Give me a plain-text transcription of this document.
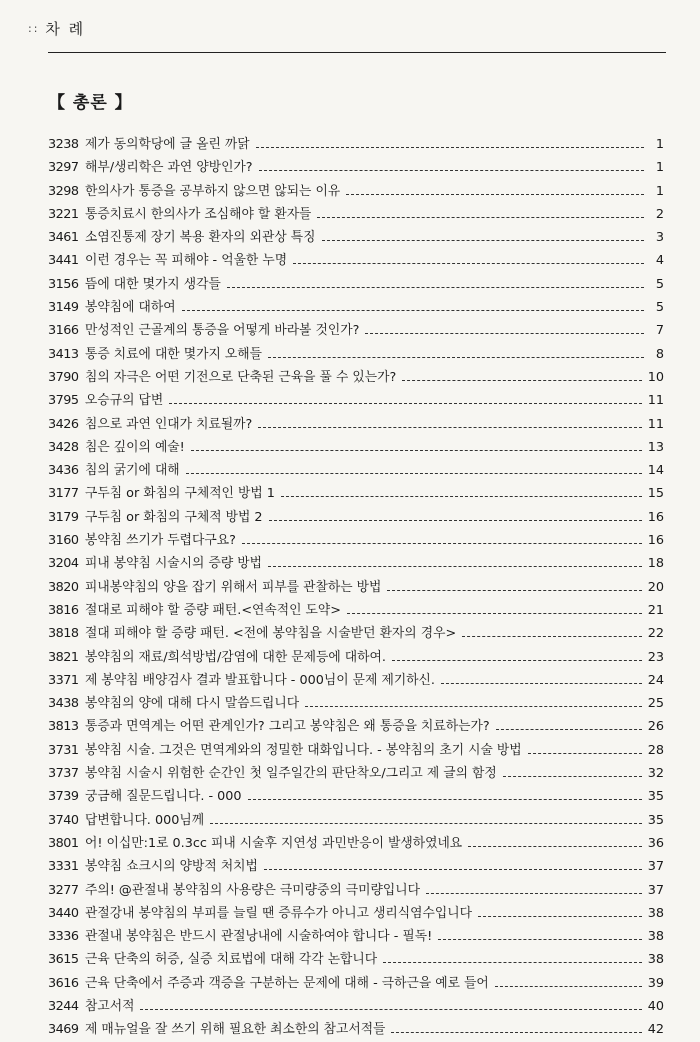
:: 차 례
【 총론 】
3238 제가 동의학당에 글 올린 까닭	1
3297 해부/생리학은 과연 양방인가?	1
3298 한의사가 통증을 공부하지 않으면 않되는 이유	1
3221 통증치료시 한의사가 조심해야 할 환자들	2
3461 소염진통제 장기 복용 환자의 외관상 특징	3
3441 이런 경우는 꼭 피해야 - 억울한 누명	4
3156 뜸에 대한 몇가지 생각들	5
3149 봉약침에 대하여	5
3166 만성적인 근골계의 통증을 어떻게 바라볼 것인가?	7
3413 통증 치료에 대한 몇가지 오해들	8
3790 침의 자극은 어떤 기전으로 단축된 근육을 풀 수 있는가?	10
3795 오승규의 답변	11
3426 침으로 과연 인대가 치료될까?	11
3428 침은 깊이의 예술!	13
3436 침의 굵기에 대해	14
3177 구두침 or 화침의 구체적인 방법 1	15
3179 구두침 or 화침의 구체적 방법 2	16
3160 봉약침 쓰기가 두렵다구요?	16
3204 피내 봉약침 시술시의 증량 방법	18
3820 피내봉약침의 양을 잡기 위해서 피부를 관찰하는 방법	20
3816 절대로 피해야 할 증량 패턴.<연속적인 도약>	21
3818 절대 피해야 할 증량 패턴. <전에 봉약침을 시술받던 환자의 경우>	22
3821 봉약침의 재료/희석방법/감염에 대한 문제등에 대하여.	23
3371 제 봉약침 배양검사 결과 발표합니다 - 000님이 문제 제기하신.	24
3438 봉약침의 양에 대해 다시 말씀드립니다	25
3813 통증과 면역계는 어떤 관계인가? 그리고 봉약침은 왜 통증을 치료하는가?	26
3731 봉약침 시술. 그것은 면역계와의 정밀한 대화입니다. - 봉약침의 초기 시술 방법	28
3737 봉약침 시술시 위험한 순간인 첫 일주일간의 판단착오/그리고 제 글의 함정	32
3739 궁금해 질문드립니다. - 000	35
3740 답변합니다. 000님께	35
3801 어! 이십만:1로 0.3cc 피내 시술후 지연성 과민반응이 발생하였네요	36
3331 봉약침 쇼크시의 양방적 처치법	37
3277 주의! @관절내 봉약침의 사용량은 극미량중의 극미량입니다	37
3440 관절강내 봉약침의 부피를 늘릴 땐 증류수가 아니고 생리식염수입니다	38
3336 관절내 봉약침은 반드시 관절낭내에 시술하여야 합니다 - 필독!	38
3615 근육 단축의 허증, 실증 치료법에 대해 각각 논합니다	38
3616 근육 단축에서 주증과 객증을 구분하는 문제에 대해 - 극하근을 예로 들어	39
3244 참고서적	40
3469 제 매뉴얼을 잘 쓰기 위해 필요한 최소한의 참고서적들	42
